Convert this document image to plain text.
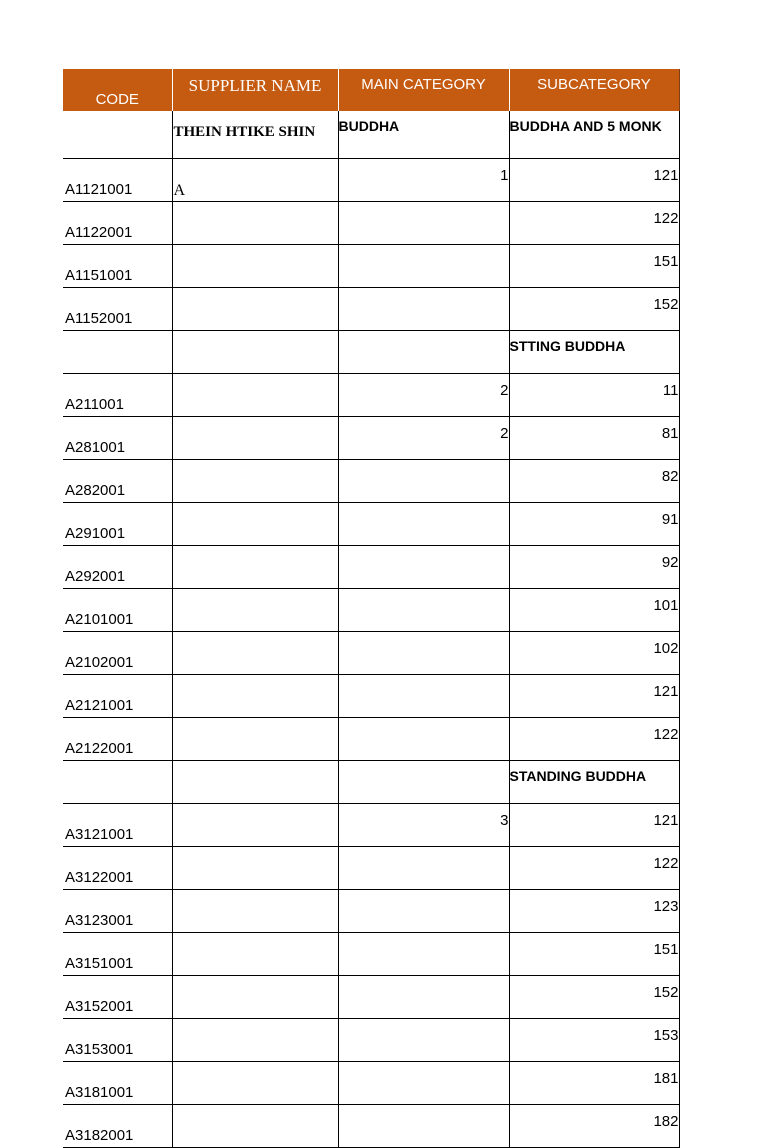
CODE	SUPPLIER NAME	MAIN CATEGORY	SUBCATEGORY
	THEIN HTIKE SHIN	BUDDHA	BUDDHA AND 5 MONK
A1121001	A	1	121
A1122001			122
A1151001			151
A1152001			152
			STTING BUDDHA
A211001		2	11
A281001		2	81
A282001			82
A291001			91
A292001			92
A2101001			101
A2102001			102
A2121001			121
A2122001			122
			STANDING BUDDHA
A3121001		3	121
A3122001			122
A3123001			123
A3151001			151
A3152001			152
A3153001			153
A3181001			181
A3182001			182
